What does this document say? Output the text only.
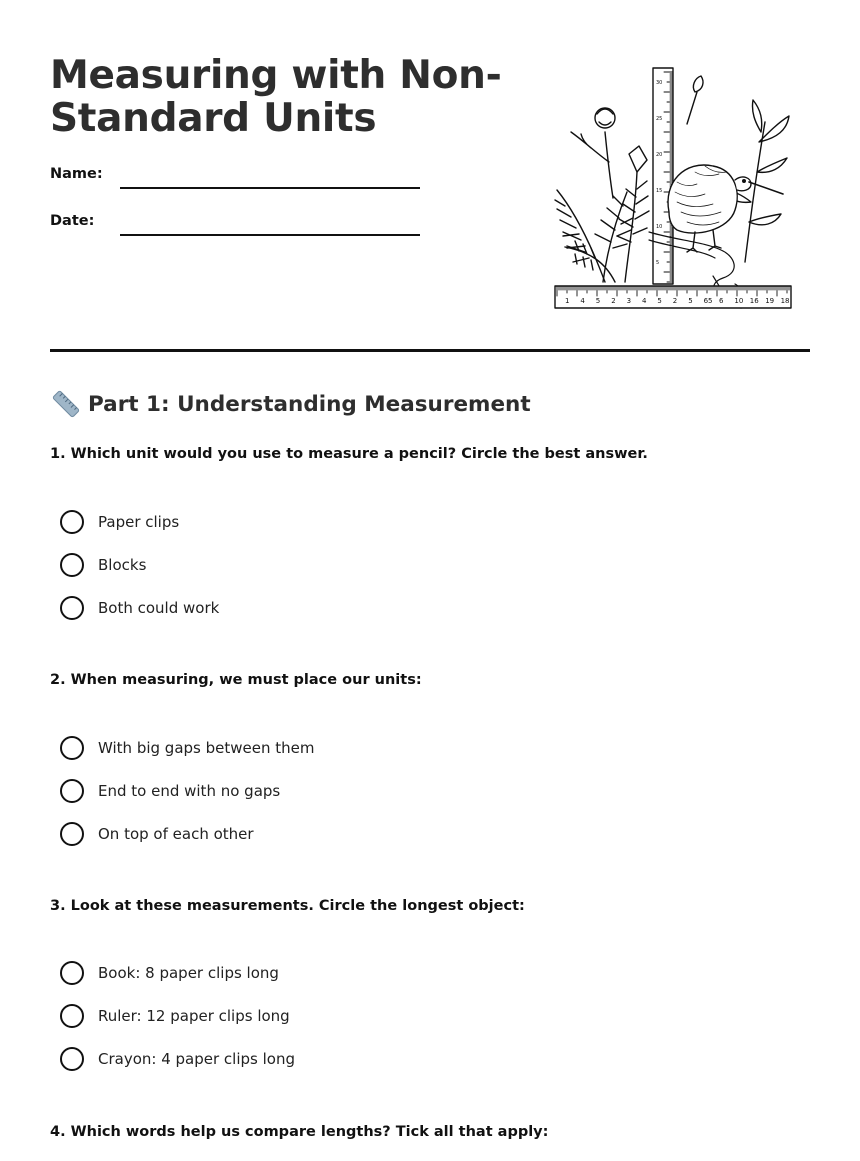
Measuring with Non-Standard Units
Name:
Date:
1 4 5 2 3 4 5 2 5 65 6 10 16 19 18
30
25
20
15
10
5
Part 1: Understanding Measurement

1. Which unit would you use to measure a pencil? Circle the best answer.

Paper clips
Blocks
Both could work

2. When measuring, we must place our units:

With big gaps between them
End to end with no gaps
On top of each other

3. Look at these measurements. Circle the longest object:

Book: 8 paper clips long
Ruler: 12 paper clips long
Crayon: 4 paper clips long

4. Which words help us compare lengths? Tick all that apply:
